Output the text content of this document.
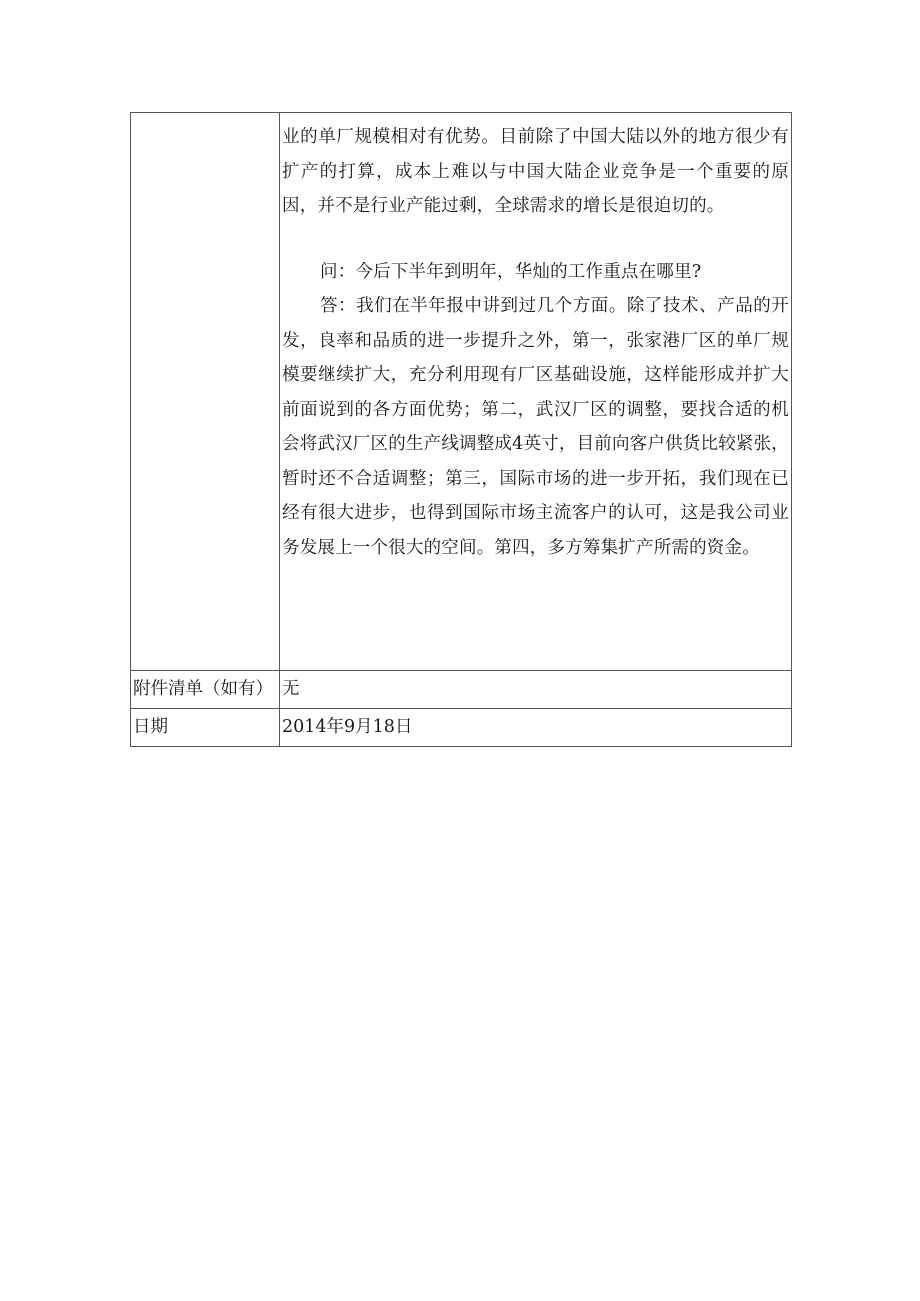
	业的单厂规模相对有优势。目前除了中国大陆以外的地方很少有扩产的打算，成本上难以与中国大陆企业竞争是一个重要的原因，并不是行业产能过剩，全球需求的增长是很迫切的。

问：今后下半年到明年，华灿的工作重点在哪里?

答：我们在半年报中讲到过几个方面。除了技术、产品的开发，良率和品质的进一步提升之外，第一，张家港厂区的单厂规模要继续扩大，充分利用现有厂区基础设施，这样能形成并扩大前面说到的各方面优势；第二，武汉厂区的调整，要找合适的机会将武汉厂区的生产线调整成4英寸，目前向客户供货比较紧张，暂时还不合适调整；第三，国际市场的进一步开拓，我们现在已经有很大进步，也得到国际市场主流客户的认可，这是我公司业务发展上一个很大的空间。第四，多方筹集扩产所需的资金。

附件清单（如有）	无

日期	2014年9月18日
